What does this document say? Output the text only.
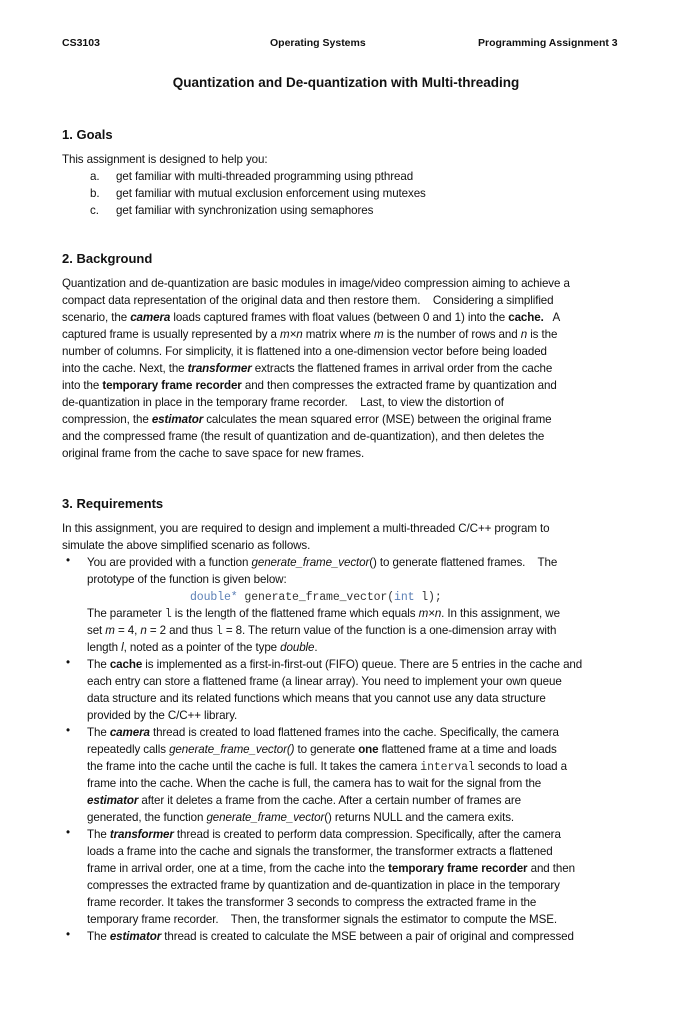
CS3103	Operating Systems	Programming Assignment 3
Quantization and De-quantization with Multi-threading
1. Goals
This assignment is designed to help you:
a. get familiar with multi-threaded programming using pthread
b. get familiar with mutual exclusion enforcement using mutexes
c. get familiar with synchronization using semaphores
2. Background
Quantization and de-quantization are basic modules in image/video compression aiming to achieve a
compact data representation of the original data and then restore them.    Considering a simplified
scenario, the camera loads captured frames with float values (between 0 and 1) into the cache.   A
captured frame is usually represented by a m×n matrix where m is the number of rows and n is the
number of columns. For simplicity, it is flattened into a one-dimension vector before being loaded
into the cache. Next, the transformer extracts the flattened frames in arrival order from the cache
into the temporary frame recorder and then compresses the extracted frame by quantization and
de-quantization in place in the temporary frame recorder.    Last, to view the distortion of
compression, the estimator calculates the mean squared error (MSE) between the original frame
and the compressed frame (the result of quantization and de-quantization), and then deletes the
original frame from the cache to save space for new frames.
3. Requirements
In this assignment, you are required to design and implement a multi-threaded C/C++ program to
simulate the above simplified scenario as follows.
•	You are provided with a function generate_frame_vector() to generate flattened frames.    The
prototype of the function is given below:
double* generate_frame_vector(int l);
The parameter l is the length of the flattened frame which equals m×n. In this assignment, we
set m = 4, n = 2 and thus l = 8. The return value of the function is a one-dimension array with
length l, noted as a pointer of the type double.
•	The cache is implemented as a first-in-first-out (FIFO) queue. There are 5 entries in the cache and
each entry can store a flattened frame (a linear array). You need to implement your own queue
data structure and its related functions which means that you cannot use any data structure
provided by the C/C++ library.
•	The camera thread is created to load flattened frames into the cache. Specifically, the camera
repeatedly calls generate_frame_vector() to generate one flattened frame at a time and loads
the frame into the cache until the cache is full. It takes the camera interval seconds to load a
frame into the cache. When the cache is full, the camera has to wait for the signal from the
estimator after it deletes a frame from the cache. After a certain number of frames are
generated, the function generate_frame_vector() returns NULL and the camera exits.
•	The transformer thread is created to perform data compression. Specifically, after the camera
loads a frame into the cache and signals the transformer, the transformer extracts a flattened
frame in arrival order, one at a time, from the cache into the temporary frame recorder and then
compresses the extracted frame by quantization and de-quantization in place in the temporary
frame recorder. It takes the transformer 3 seconds to compress the extracted frame in the
temporary frame recorder.    Then, the transformer signals the estimator to compute the MSE.
•	The estimator thread is created to calculate the MSE between a pair of original and compressed
